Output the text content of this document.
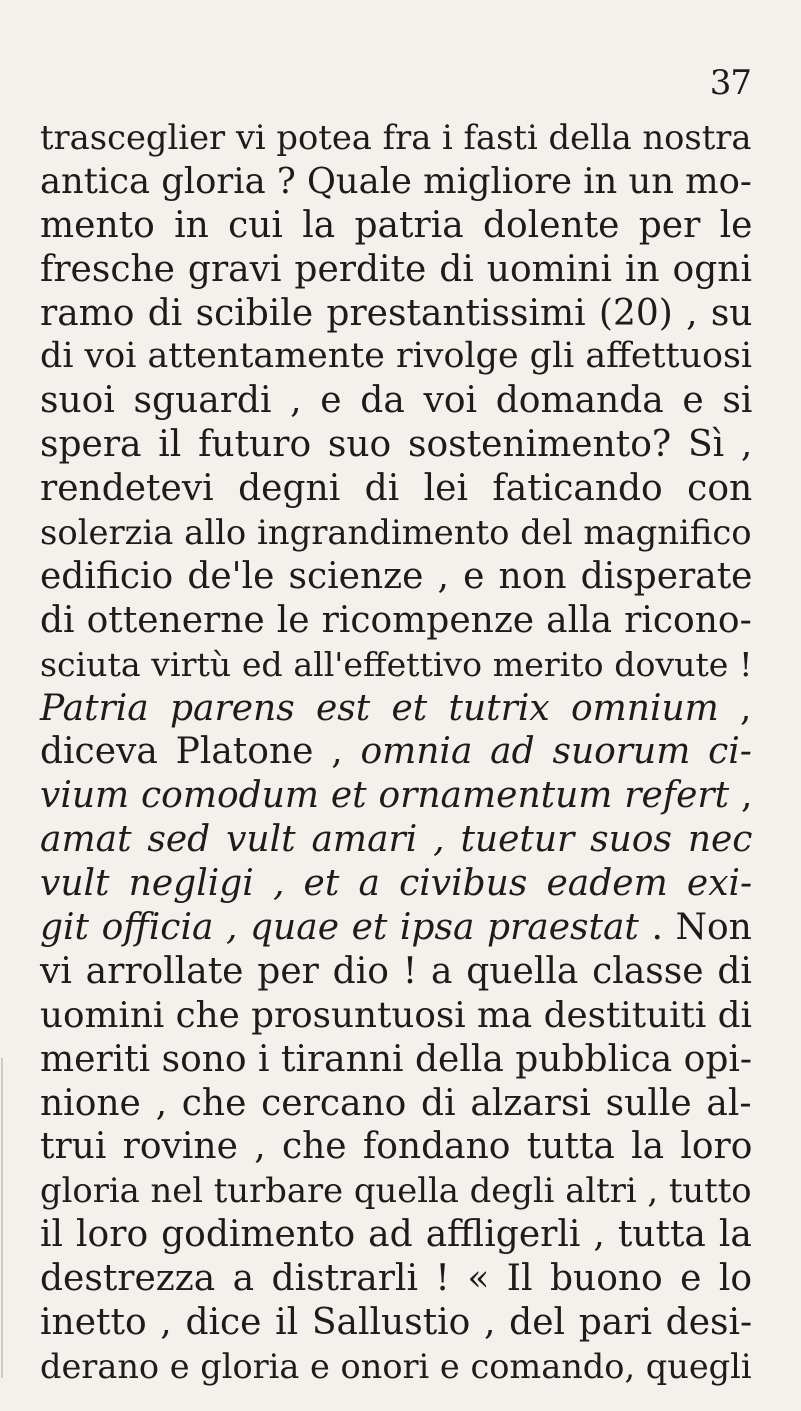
37
trasceglier vi potea fra i fasti della nostra
antica gloria ? Quale migliore in un mo-
mento in cui la patria dolente per le
fresche gravi perdite di uomini in ogni
ramo di scibile prestantissimi (20) , su
di voi attentamente rivolge gli affettuosi
suoi sguardi , e da voi domanda e si
spera il futuro suo sostenimento? Sì ,
rendetevi degni di lei faticando con
solerzia allo ingrandimento del magnifico
edificio de'le scienze , e non disperate
di ottenerne le ricompenze alla ricono-
sciuta virtù ed all'effettivo merito dovute !
Patria parens est et tutrix omnium ,
diceva Platone , omnia ad suorum ci-
vium comodum et ornamentum refert ,
amat sed vult amari , tuetur suos nec
vult negligi , et a civibus eadem exi-
git officia , quae et ipsa praestat . Non
vi arrollate per dio ! a quella classe di
uomini che prosuntuosi ma destituiti di
meriti sono i tiranni della pubblica opi-
nione , che cercano di alzarsi sulle al-
trui rovine , che fondano tutta la loro
gloria nel turbare quella degli altri , tutto
il loro godimento ad affligerli , tutta la
destrezza a distrarli ! « Il buono e lo
inetto , dice il Sallustio , del pari desi-
derano e gloria e onori e comando, quegli
